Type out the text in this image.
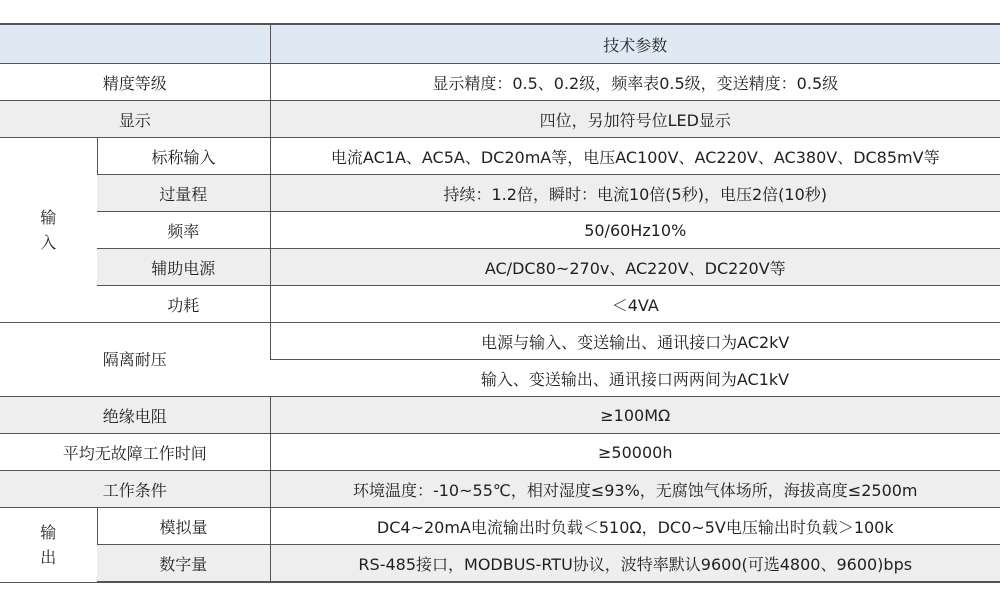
		技术参数
精度等级		显示精度：0.5、0.2级，频率表0.5级，变送精度：0.5级
显示		四位，另加符号位LED显示

输
入	标称输入	电流AC1A、AC5A、DC20mA等，电压AC100V、AC220V、AC380V、DC85mV等
	过量程	持续：1.2倍，瞬时：电流10倍(5秒)，电压2倍(10秒)
	频率	50/60Hz10%
	辅助电源	AC/DC80~270v、AC220V、DC220V等
	功耗	＜4VA
隔离耐压		电源与输入、变送输出、通讯接口为AC2kV
		输入、变送输出、通讯接口两两间为AC1kV
绝缘电阻		≥100MΩ
平均无故障工作时间		≥50000h
工作条件		环境温度：-10~55℃，相对湿度≤93%，无腐蚀气体场所，海拔高度≤2500m

输
出	模拟量	DC4~20mA电流输出时负载＜510Ω，DC0~5V电压输出时负载＞100k
	数字量	RS-485接口，MODBUS-RTU协议，波特率默认9600(可选4800、9600)bps
